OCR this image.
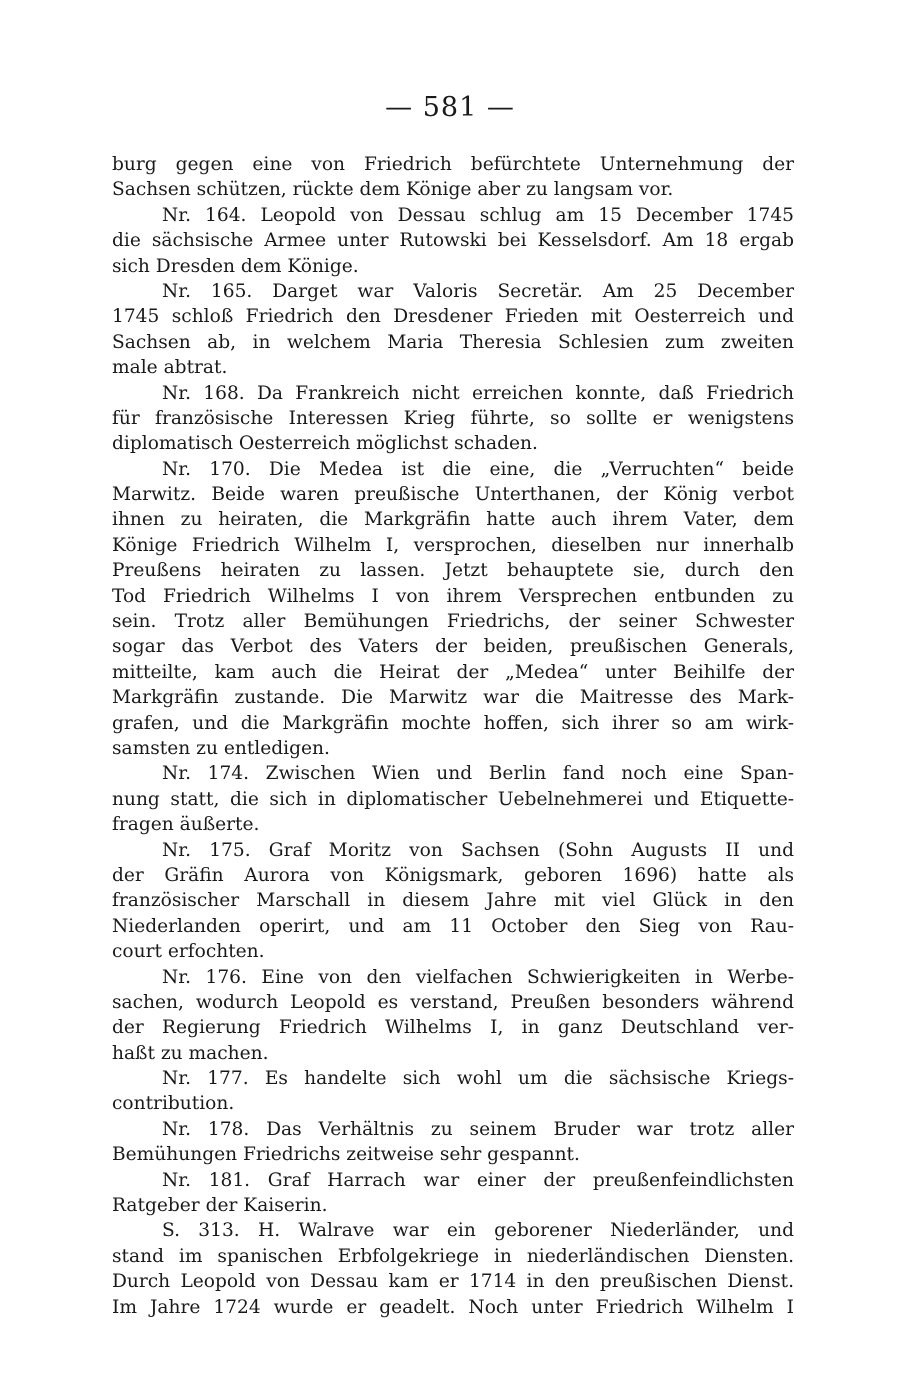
— 581 —
burg gegen eine von Friedrich befürchtete Unternehmung der
Sachsen schützen, rückte dem Könige aber zu langsam vor.
Nr. 164. Leopold von Dessau schlug am 15 December 1745
die sächsische Armee unter Rutowski bei Kesselsdorf. Am 18 ergab
sich Dresden dem Könige.
Nr. 165. Darget war Valoris Secretär. Am 25 December
1745 schloß Friedrich den Dresdener Frieden mit Oesterreich und
Sachsen ab, in welchem Maria Theresia Schlesien zum zweiten
male abtrat.
Nr. 168. Da Frankreich nicht erreichen konnte, daß Friedrich
für französische Interessen Krieg führte, so sollte er wenigstens
diplomatisch Oesterreich möglichst schaden.
Nr. 170. Die Medea ist die eine, die „Verruchten“ beide
Marwitz. Beide waren preußische Unterthanen, der König verbot
ihnen zu heiraten, die Markgräfin hatte auch ihrem Vater, dem
Könige Friedrich Wilhelm I, versprochen, dieselben nur innerhalb
Preußens heiraten zu lassen. Jetzt behauptete sie, durch den
Tod Friedrich Wilhelms I von ihrem Versprechen entbunden zu
sein. Trotz aller Bemühungen Friedrichs, der seiner Schwester
sogar das Verbot des Vaters der beiden, preußischen Generals,
mitteilte, kam auch die Heirat der „Medea“ unter Beihilfe der
Markgräfin zustande. Die Marwitz war die Maitresse des Mark-
grafen, und die Markgräfin mochte hoffen, sich ihrer so am wirk-
samsten zu entledigen.
Nr. 174. Zwischen Wien und Berlin fand noch eine Span-
nung statt, die sich in diplomatischer Uebelnehmerei und Etiquette-
fragen äußerte.
Nr. 175. Graf Moritz von Sachsen (Sohn Augusts II und
der Gräfin Aurora von Königsmark, geboren 1696) hatte als
französischer Marschall in diesem Jahre mit viel Glück in den
Niederlanden operirt, und am 11 October den Sieg von Rau-
court erfochten.
Nr. 176. Eine von den vielfachen Schwierigkeiten in Werbe-
sachen, wodurch Leopold es verstand, Preußen besonders während
der Regierung Friedrich Wilhelms I, in ganz Deutschland ver-
haßt zu machen.
Nr. 177. Es handelte sich wohl um die sächsische Kriegs-
contribution.
Nr. 178. Das Verhältnis zu seinem Bruder war trotz aller
Bemühungen Friedrichs zeitweise sehr gespannt.
Nr. 181. Graf Harrach war einer der preußenfeindlichsten
Ratgeber der Kaiserin.
S. 313. H. Walrave war ein geborener Niederländer, und
stand im spanischen Erbfolgekriege in niederländischen Diensten.
Durch Leopold von Dessau kam er 1714 in den preußischen Dienst.
Im Jahre 1724 wurde er geadelt. Noch unter Friedrich Wilhelm I
